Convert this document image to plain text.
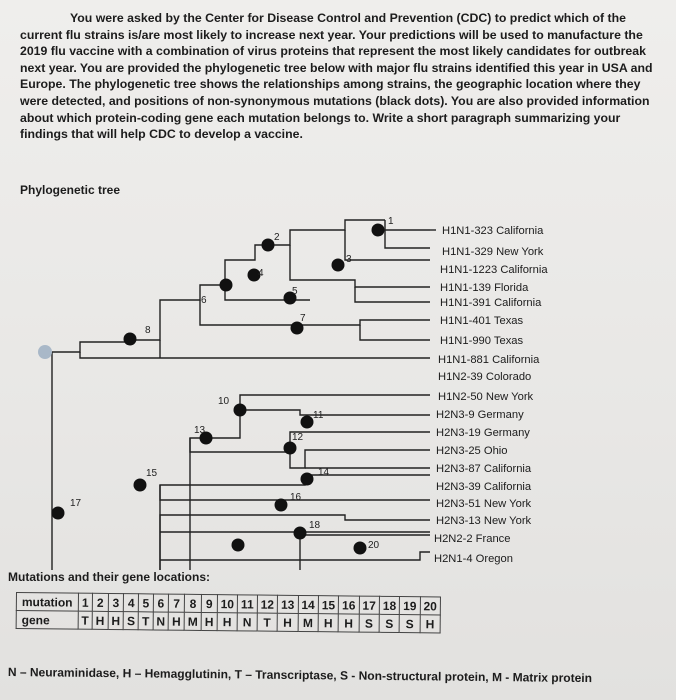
You were asked by the Center for Disease Control and Prevention (CDC) to predict which of the current flu strains is/are most likely to increase next year. Your predictions will be used to manufacture the 2019 flu vaccine with a combination of virus proteins that represent the most likely candidates for outbreak next year. You are provided the phylogenetic tree below with major flu strains identified this year in USA and Europe. The phylogenetic tree shows the relationships among strains, the geographic location where they were detected, and positions of non-synonymous mutations (black dots). You are also provided information about which protein-coding gene each mutation belongs to. Write a short paragraph summarizing your findings that will help CDC to develop a vaccine.

Phylogenetic tree

1
2
3
4
5
6
7
8
10
11
12
13
14
15
16
17
18
20
H1N1-323 California
H1N1-329 New York
H1N1-1223 California
H1N1-139 Florida
H1N1-391 California
H1N1-401 Texas
H1N1-990 Texas
H1N1-881 California
H1N2-39 Colorado
H1N2-50 New York
H2N3-9 Germany
H2N3-19 Germany
H2N3-25 Ohio
H2N3-87 California
H2N3-39 California
H2N3-51 New York
H2N3-13 New York
H2N2-2 France
H2N1-4 Oregon

Mutations and their gene locations:

mutation	1	2	3	4	5	6	7	8	9	10	11	12	13	14	15	16	17	18	19	20
gene	T	H	H	S	T	N	H	M	H	H	N	T	H	M	H	H	S	S	S	H

N – Neuraminidase, H – Hemagglutinin, T – Transcriptase, S - Non-structural protein, M - Matrix protein
